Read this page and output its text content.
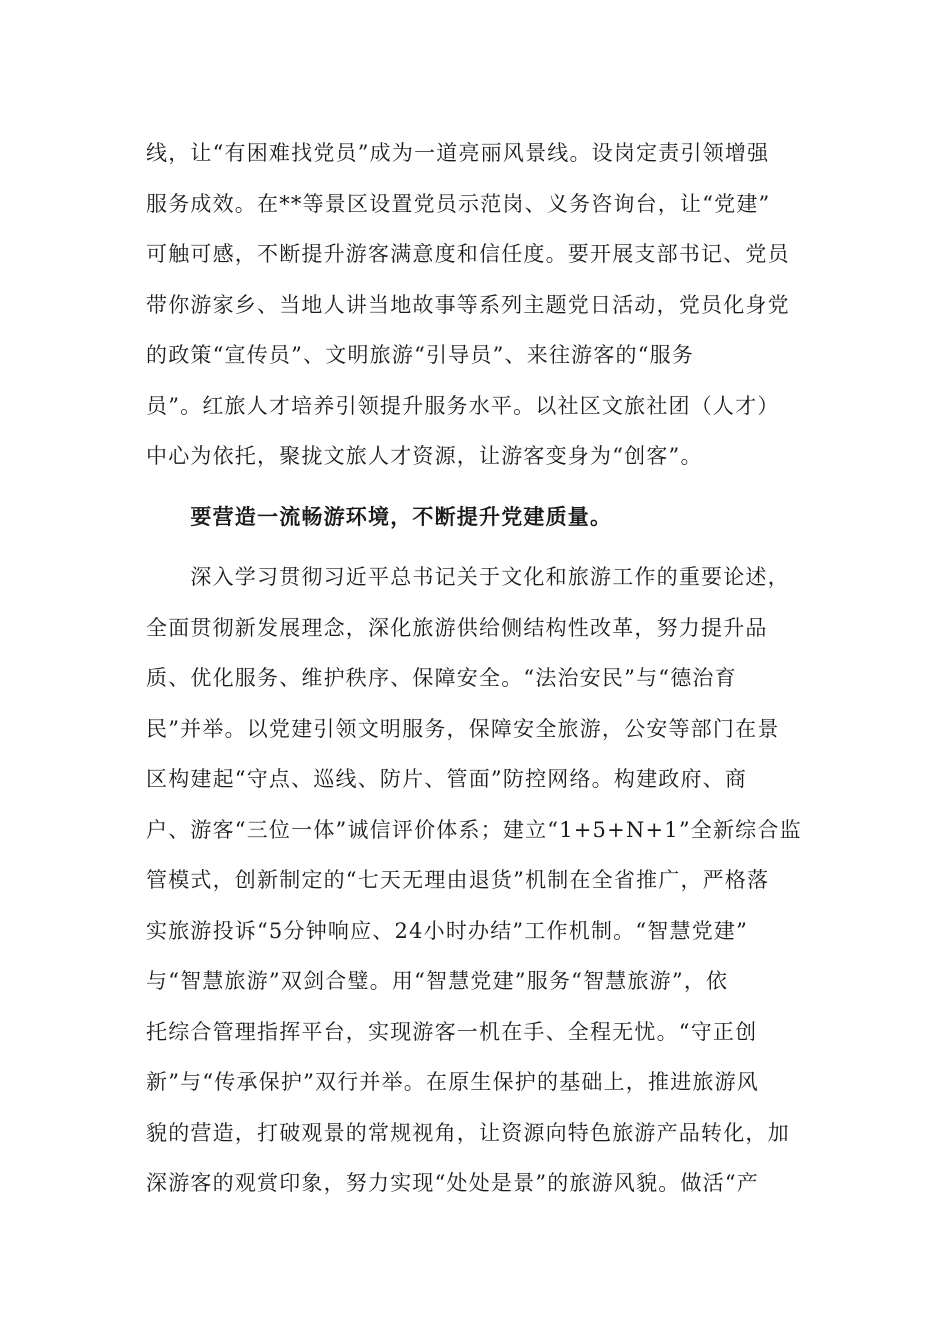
线，让“有困难找党员”成为一道亮丽风景线。设岗定责引领增强
服务成效。在**等景区设置党员示范岗、义务咨询台，让“党建”
可触可感，不断提升游客满意度和信任度。要开展支部书记、党员
带你游家乡、当地人讲当地故事等系列主题党日活动，党员化身党
的政策“宣传员”、文明旅游“引导员”、来往游客的“服务
员”。红旅人才培养引领提升服务水平。以社区文旅社团（人才）
中心为依托，聚拢文旅人才资源，让游客变身为“创客”。
　　要营造一流畅游环境，不断提升党建质量。
　　深入学习贯彻习近平总书记关于文化和旅游工作的重要论述，
全面贯彻新发展理念，深化旅游供给侧结构性改革，努力提升品
质、优化服务、维护秩序、保障安全。“法治安民”与“德治育
民”并举。以党建引领文明服务，保障安全旅游，公安等部门在景
区构建起“守点、巡线、防片、管面”防控网络。构建政府、商
户、游客“三位一体”诚信评价体系；建立“1+5+N+1”全新综合监
管模式，创新制定的“七天无理由退货”机制在全省推广，严格落
实旅游投诉“5分钟响应、24小时办结”工作机制。“智慧党建”
与“智慧旅游”双剑合璧。用“智慧党建”服务“智慧旅游”，依
托综合管理指挥平台，实现游客一机在手、全程无忧。“守正创
新”与“传承保护”双行并举。在原生保护的基础上，推进旅游风
貌的营造，打破观景的常规视角，让资源向特色旅游产品转化，加
深游客的观赏印象，努力实现“处处是景”的旅游风貌。做活“产
